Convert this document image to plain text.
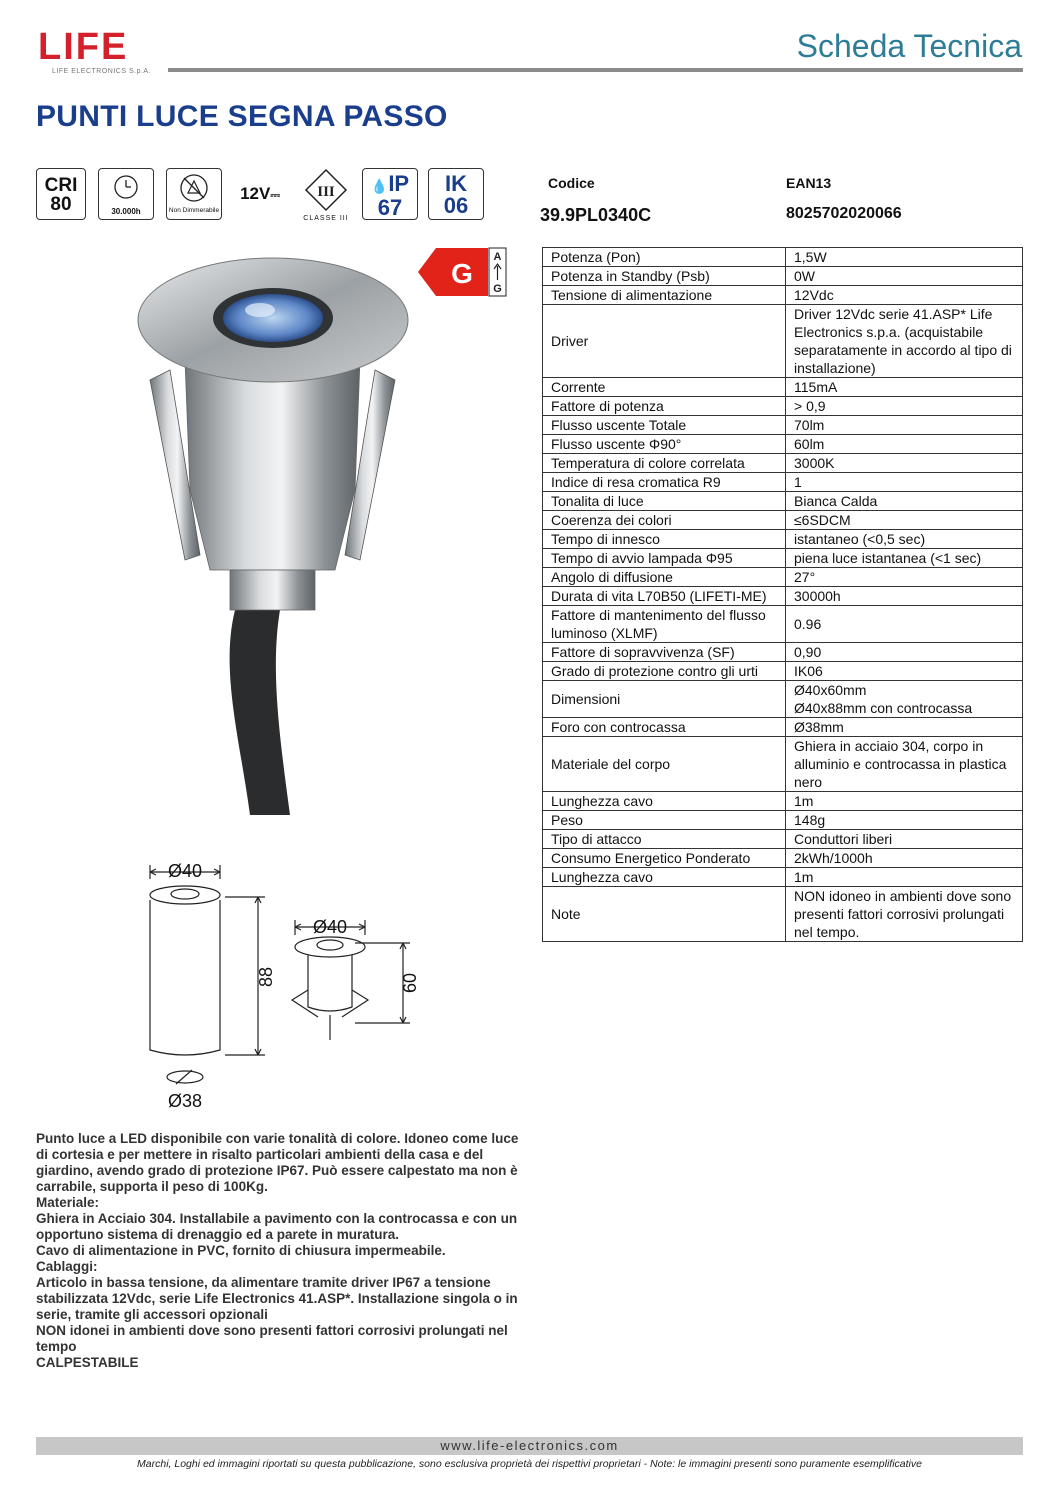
LIFE
LIFE ELECTRONICS S.p.A.
Scheda Tecnica
PUNTI LUCE SEGNA PASSO
CRI
80	30.000h	Non Dimmerabile
12V⎓	III
CLASSE III
💧IP
67
IK
06
Codice
39.9PL0340C
EAN13
8025702020066
G
A
G
Ø40
Ø40
88	60
Ø38
Potenza (Pon)	1,5W
Potenza in Standby (Psb)	0W
Tensione di alimentazione	12Vdc
Driver	Driver 12Vdc serie 41.ASP* Life Electronics s.p.a. (acquistabile separatamente in accordo al tipo di installazione)
Corrente	115mA
Fattore di potenza	> 0,9
Flusso uscente Totale	70lm
Flusso uscente Φ90°	60lm
Temperatura di colore correlata	3000K
Indice di resa cromatica R9	1
Tonalita di luce	Bianca Calda
Coerenza dei colori	≤6SDCM
Tempo di innesco	istantaneo (<0,5 sec)
Tempo di avvio lampada Φ95	piena luce istantanea (<1 sec)
Angolo di diffusione	27°
Durata di vita L70B50 (LIFETI-ME)	30000h
Fattore di mantenimento del flusso luminoso (XLMF)	0.96
Fattore di sopravvivenza (SF)	0,90
Grado di protezione contro gli urti	IK06
Dimensioni	Ø40x60mm
Ø40x88mm con controcassa

Foro con controcassa	Ø38mm
Materiale del corpo	Ghiera in acciaio 304, corpo in alluminio e controcassa in plastica nero
Lunghezza cavo	1m
Peso	148g
Tipo di attacco	Conduttori liberi
Consumo Energetico Ponderato	2kWh/1000h
Lunghezza cavo	1m
Note	NON idoneo in ambienti dove sono presenti fattori corrosivi prolungati nel tempo.

Punto luce a LED disponibile con varie tonalità di colore. Idoneo come luce di cortesia e per mettere in risalto particolari ambienti della casa e del giardino, avendo grado di protezione IP67. Può essere calpestato ma non è carrabile, supporta il peso di 100Kg.

Materiale:

Ghiera in Acciaio 304. Installabile a pavimento con la controcassa e con un opportuno sistema di drenaggio ed a parete in muratura.

Cavo di alimentazione in PVC, fornito di chiusura impermeabile.

Cablaggi:

Articolo in bassa tensione, da alimentare tramite driver IP67 a tensione stabilizzata 12Vdc, serie Life Electronics 41.ASP*. Installazione singola o in serie, tramite gli accessori opzionali

NON idonei in ambienti dove sono presenti fattori corrosivi prolungati nel tempo

CALPESTABILE

www.life-electronics.com
Marchi, Loghi ed immagini riportati su questa pubblicazione, sono esclusiva proprietà dei rispettivi proprietari - Note: le immagini presenti sono puramente esemplificative
